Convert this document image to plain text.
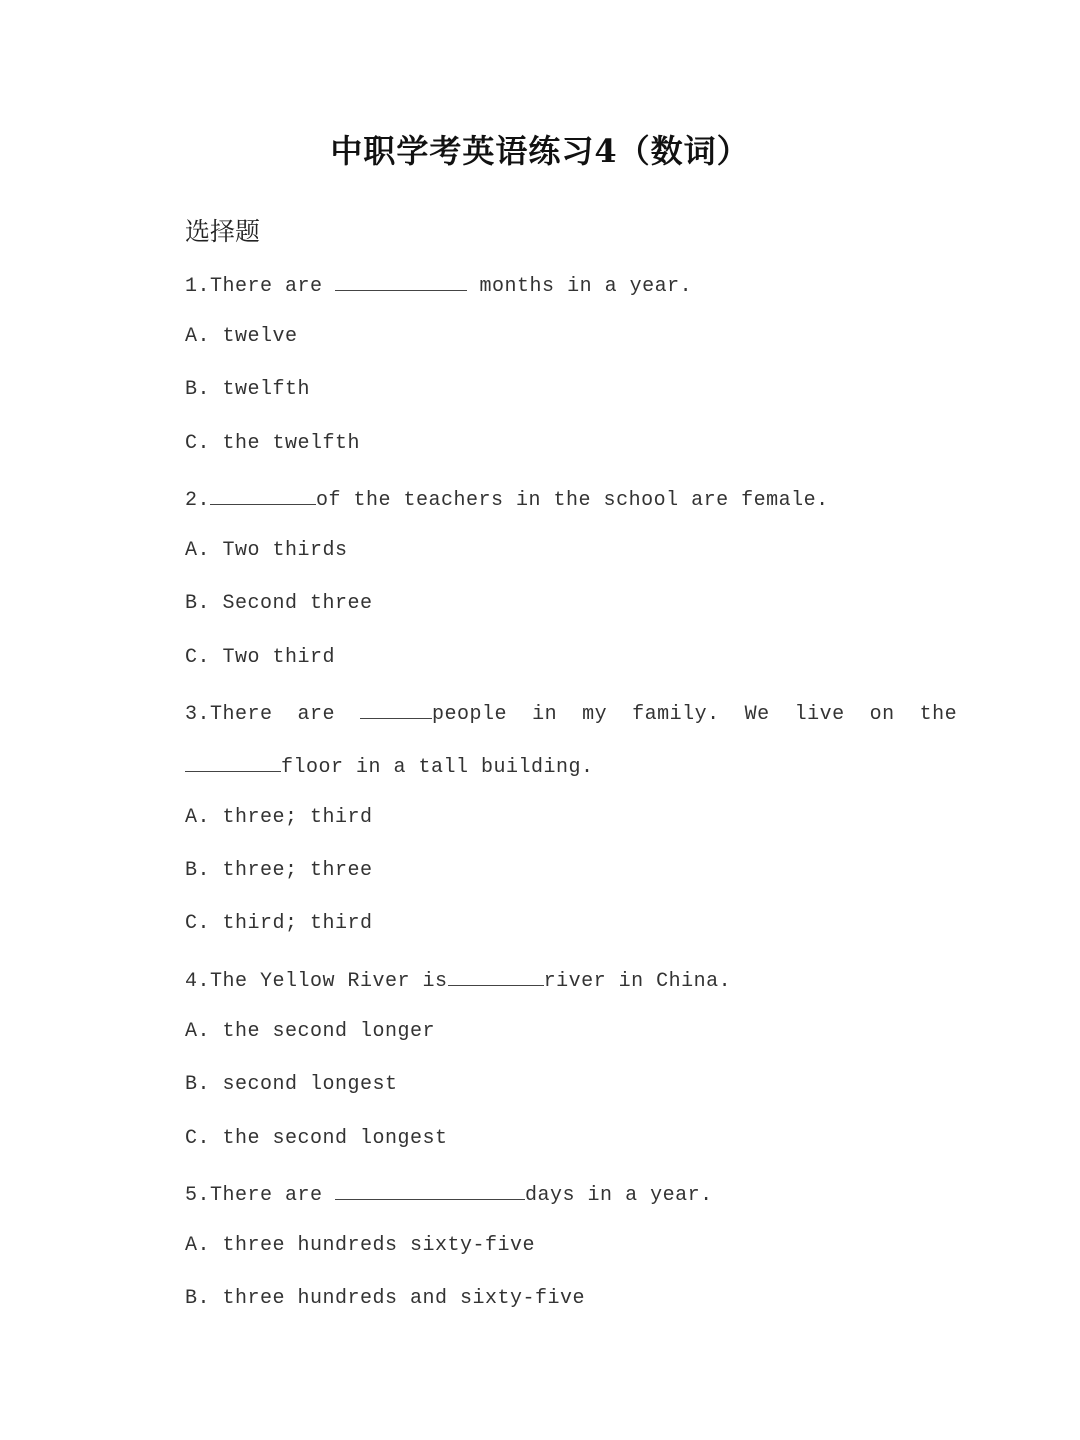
中职学考英语练习4（数词）
选择题
1.There are	months in a year.
A. twelve
B. twelfth
C. the twelfth
2.	of the teachers in the school are female.
A. Two thirds
B. Second three
C. Two third
3.There  are	people  in  my  family.  We  live  on  the
floor in a tall building.
A. three; third
B. three; three
C. third; third
4.The Yellow River is	river in China.
A. the second longer
B. second longest
C. the second longest
5.There are	days in a year.
A. three hundreds sixty-five
B. three hundreds and sixty-five
